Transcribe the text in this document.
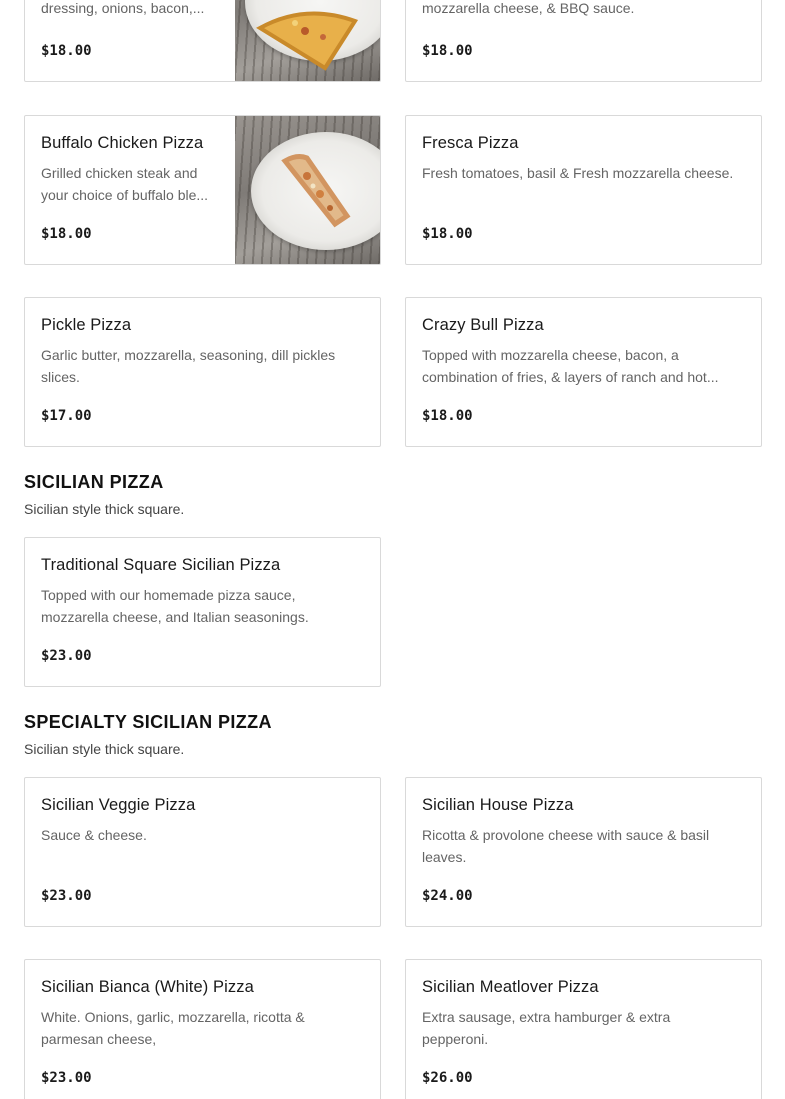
dressing, onions, bacon,...
$18.00
mozzarella cheese, & BBQ sauce.
$18.00
Buffalo Chicken Pizza
Grilled chicken steak and your choice of buffalo ble...
$18.00
Fresca Pizza
Fresh tomatoes, basil & Fresh mozzarella cheese.
$18.00
Pickle Pizza
Garlic butter, mozzarella, seasoning, dill pickles slices.
$17.00
Crazy Bull Pizza
Topped with mozzarella cheese, bacon, a combination of fries, & layers of ranch and hot...
$18.00
SICILIAN PIZZA
Sicilian style thick square.
Traditional Square Sicilian Pizza
Topped with our homemade pizza sauce, mozzarella cheese, and Italian seasonings.
$23.00
SPECIALTY SICILIAN PIZZA
Sicilian style thick square.
Sicilian Veggie Pizza
Sauce & cheese.
$23.00
Sicilian House Pizza
Ricotta & provolone cheese with sauce & basil leaves.
$24.00
Sicilian Bianca (White) Pizza
White. Onions, garlic, mozzarella, ricotta & parmesan cheese,
$23.00
Sicilian Meatlover Pizza
Extra sausage, extra hamburger & extra pepperoni.
$26.00
